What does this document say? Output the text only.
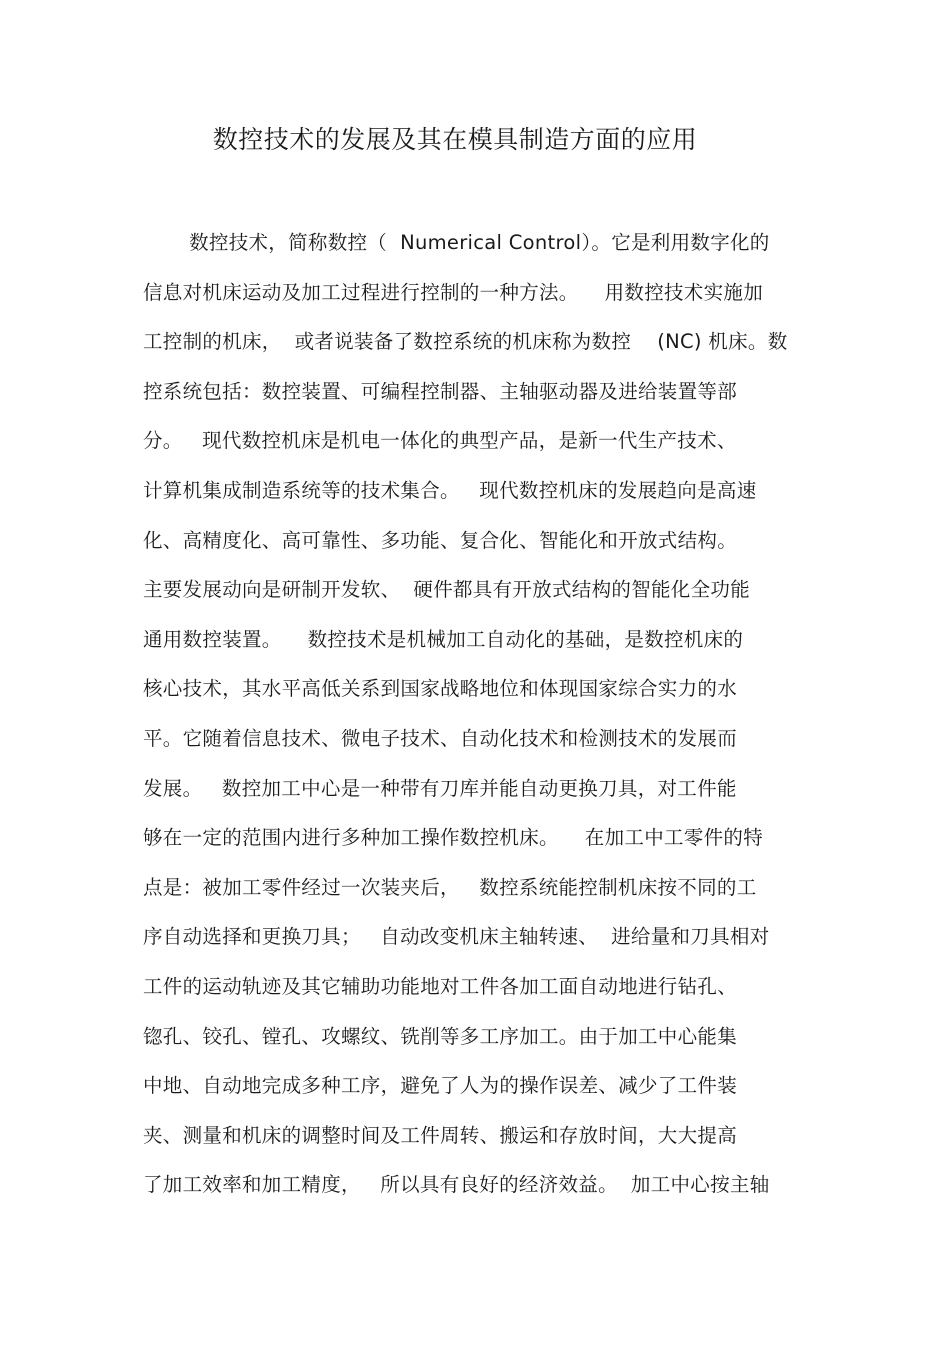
数控技术的发展及其在模具制造方面的应用
　　 数控技术，简称数控（  Numerical Control）。它是利用数字化的
信息对机床运动及加工过程进行控制的一种方法。    用数控技术实施加
工控制的机床，  或者说装备了数控系统的机床称为数控    (NC) 机床。数
控系统包括：数控装置、可编程控制器、主轴驱动器及进给装置等部
分。   现代数控机床是机电一体化的典型产品，是新一代生产技术、
计算机集成制造系统等的技术集合。   现代数控机床的发展趋向是高速
化、高精度化、高可靠性、多功能、复合化、智能化和开放式结构。
主要发展动向是研制开发软、  硬件都具有开放式结构的智能化全功能
通用数控装置。    数控技术是机械加工自动化的基础，是数控机床的
核心技术，其水平高低关系到国家战略地位和体现国家综合实力的水
平。它随着信息技术、微电子技术、自动化技术和检测技术的发展而
发展。   数控加工中心是一种带有刀库并能自动更换刀具，对工件能
够在一定的范围内进行多种加工操作数控机床。    在加工中工零件的特
点是：被加工零件经过一次装夹后，   数控系统能控制机床按不同的工
序自动选择和更换刀具；   自动改变机床主轴转速、  进给量和刀具相对
工件的运动轨迹及其它辅助功能地对工件各加工面自动地进行钻孔、
锪孔、铰孔、镗孔、攻螺纹、铣削等多工序加工。由于加工中心能集
中地、自动地完成多种工序，避免了人为的操作误差、减少了工件装
夹、测量和机床的调整时间及工件周转、搬运和存放时间，大大提高
了加工效率和加工精度，   所以具有良好的经济效益。  加工中心按主轴
